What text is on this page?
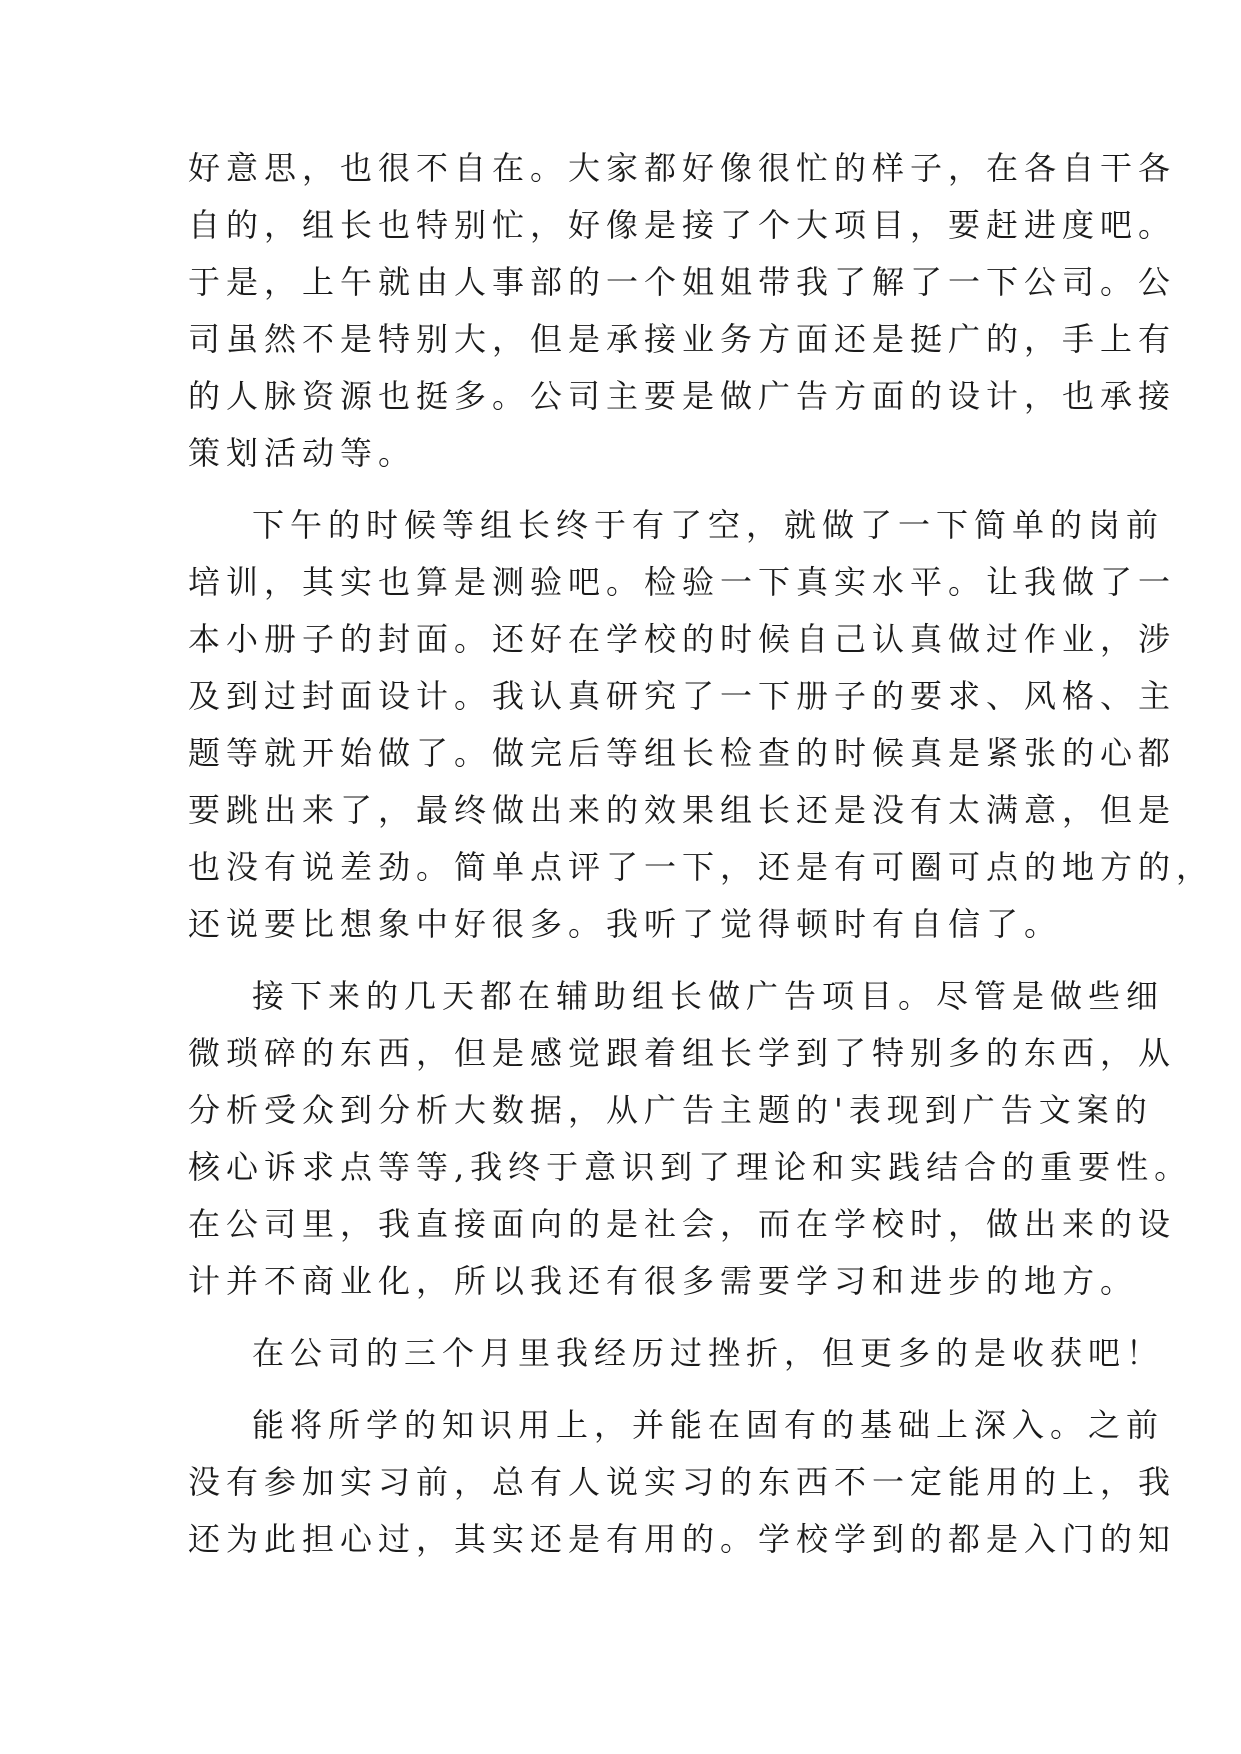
好意思，也很不自在。大家都好像很忙的样子，在各自干各
自的，组长也特别忙，好像是接了个大项目，要赶进度吧。
于是，上午就由人事部的一个姐姐带我了解了一下公司。公
司虽然不是特别大，但是承接业务方面还是挺广的，手上有
的人脉资源也挺多。公司主要是做广告方面的设计，也承接
策划活动等。
下午的时候等组长终于有了空，就做了一下简单的岗前
培训，其实也算是测验吧。检验一下真实水平。让我做了一
本小册子的封面。还好在学校的时候自己认真做过作业，涉
及到过封面设计。我认真研究了一下册子的要求、风格、主
题等就开始做了。做完后等组长检查的时候真是紧张的心都
要跳出来了，最终做出来的效果组长还是没有太满意，但是
也没有说差劲。简单点评了一下，还是有可圈可点的地方的，
还说要比想象中好很多。我听了觉得顿时有自信了。
接下来的几天都在辅助组长做广告项目。尽管是做些细
微琐碎的东西，但是感觉跟着组长学到了特别多的东西，从
分析受众到分析大数据，从广告主题的'表现到广告文案的
核心诉求点等等,我终于意识到了理论和实践结合的重要性。
在公司里，我直接面向的是社会，而在学校时，做出来的设
计并不商业化，所以我还有很多需要学习和进步的地方。
在公司的三个月里我经历过挫折，但更多的是收获吧！
能将所学的知识用上，并能在固有的基础上深入。之前
没有参加实习前，总有人说实习的东西不一定能用的上，我
还为此担心过，其实还是有用的。学校学到的都是入门的知
